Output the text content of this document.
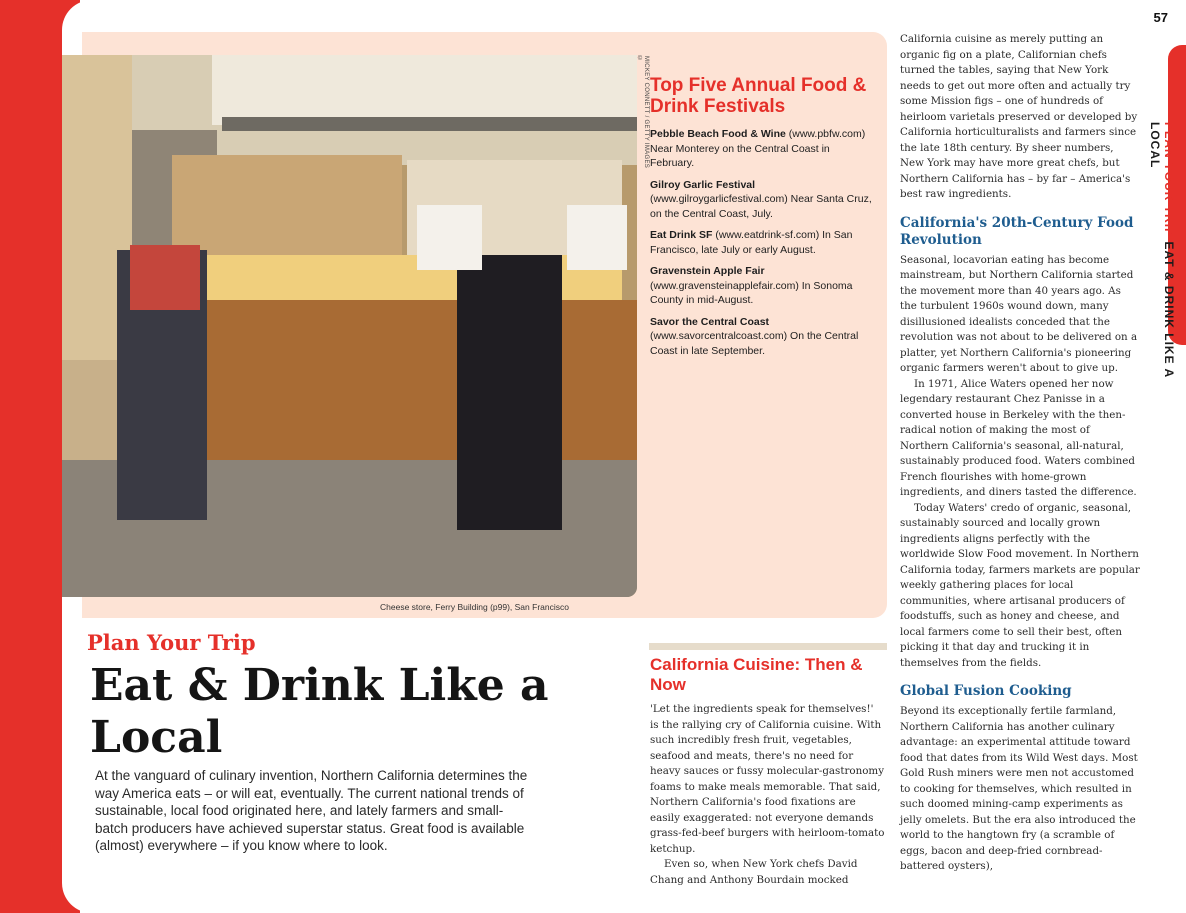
57
PLAN YOUR TRIP EAT & DRINK LIKE A LOCAL
MICKEY CONNETT / GETTY IMAGES ©
Cheese store, Ferry Building (p99), San Francisco
Top Five Annual Food & Drink Festivals
Pebble Beach Food & Wine (www.pbfw.com) Near Monterey on the Central Coast in February.
Gilroy Garlic Festival (www.gilroygarlicfestival.com) Near Santa Cruz, on the Central Coast, July.
Eat Drink SF (www.eatdrink-sf.com) In San Francisco, late July or early August.
Gravenstein Apple Fair (www.gravensteinapplefair.com) In Sonoma County in mid-August.
Savor the Central Coast (www.savorcentralcoast.com) On the Central Coast in late September.
Plan Your Trip
Eat & Drink Like a Local

At the vanguard of culinary invention, Northern California determines the way America eats – or will eat, eventually. The current national trends of sustainable, local food originated here, and lately farmers and small-batch producers have achieved superstar status. Great food is available (almost) everywhere – if you know where to look.

California Cuisine: Then & Now

'Let the ingredients speak for themselves!' is the rallying cry of California cuisine. With such incredibly fresh fruit, vegetables, seafood and meats, there's no need for heavy sauces or fussy molecular-gastronomy foams to make meals memorable. That said, Northern California's food fixations are easily exaggerated: not everyone demands grass-fed-beef burgers with heirloom-tomato ketchup.

Even so, when New York chefs David Chang and Anthony Bourdain mocked

California cuisine as merely putting an organic fig on a plate, Californian chefs turned the tables, saying that New York needs to get out more often and actually try some Mission figs – one of hundreds of heirloom varietals preserved or developed by California horticulturalists and farmers since the late 18th century. By sheer numbers, New York may have more great chefs, but Northern California has – by far – America's best raw ingredients.

California's 20th-Century Food Revolution

Seasonal, locavorian eating has become mainstream, but Northern California started the movement more than 40 years ago. As the turbulent 1960s wound down, many disillusioned idealists conceded that the revolution was not about to be delivered on a platter, yet Northern California's pioneering organic farmers weren't about to give up.

In 1971, Alice Waters opened her now legendary restaurant Chez Panisse in a converted house in Berkeley with the then-radical notion of making the most of Northern California's seasonal, all-natural, sustainably produced food. Waters combined French flourishes with home-grown ingredients, and diners tasted the difference.

Today Waters' credo of organic, seasonal, sustainably sourced and locally grown ingredients aligns perfectly with the worldwide Slow Food movement. In Northern California today, farmers markets are popular weekly gathering places for local communities, where artisanal producers of foodstuffs, such as honey and cheese, and local farmers come to sell their best, often picking it that day and trucking it in themselves from the fields.

Global Fusion Cooking

Beyond its exceptionally fertile farmland, Northern California has another culinary advantage: an experimental attitude toward food that dates from its Wild West days. Most Gold Rush miners were men not accustomed to cooking for themselves, which resulted in such doomed mining-camp experiments as jelly omelets. But the era also introduced the world to the hangtown fry (a scramble of eggs, bacon and deep-fried cornbread-battered oysters),
